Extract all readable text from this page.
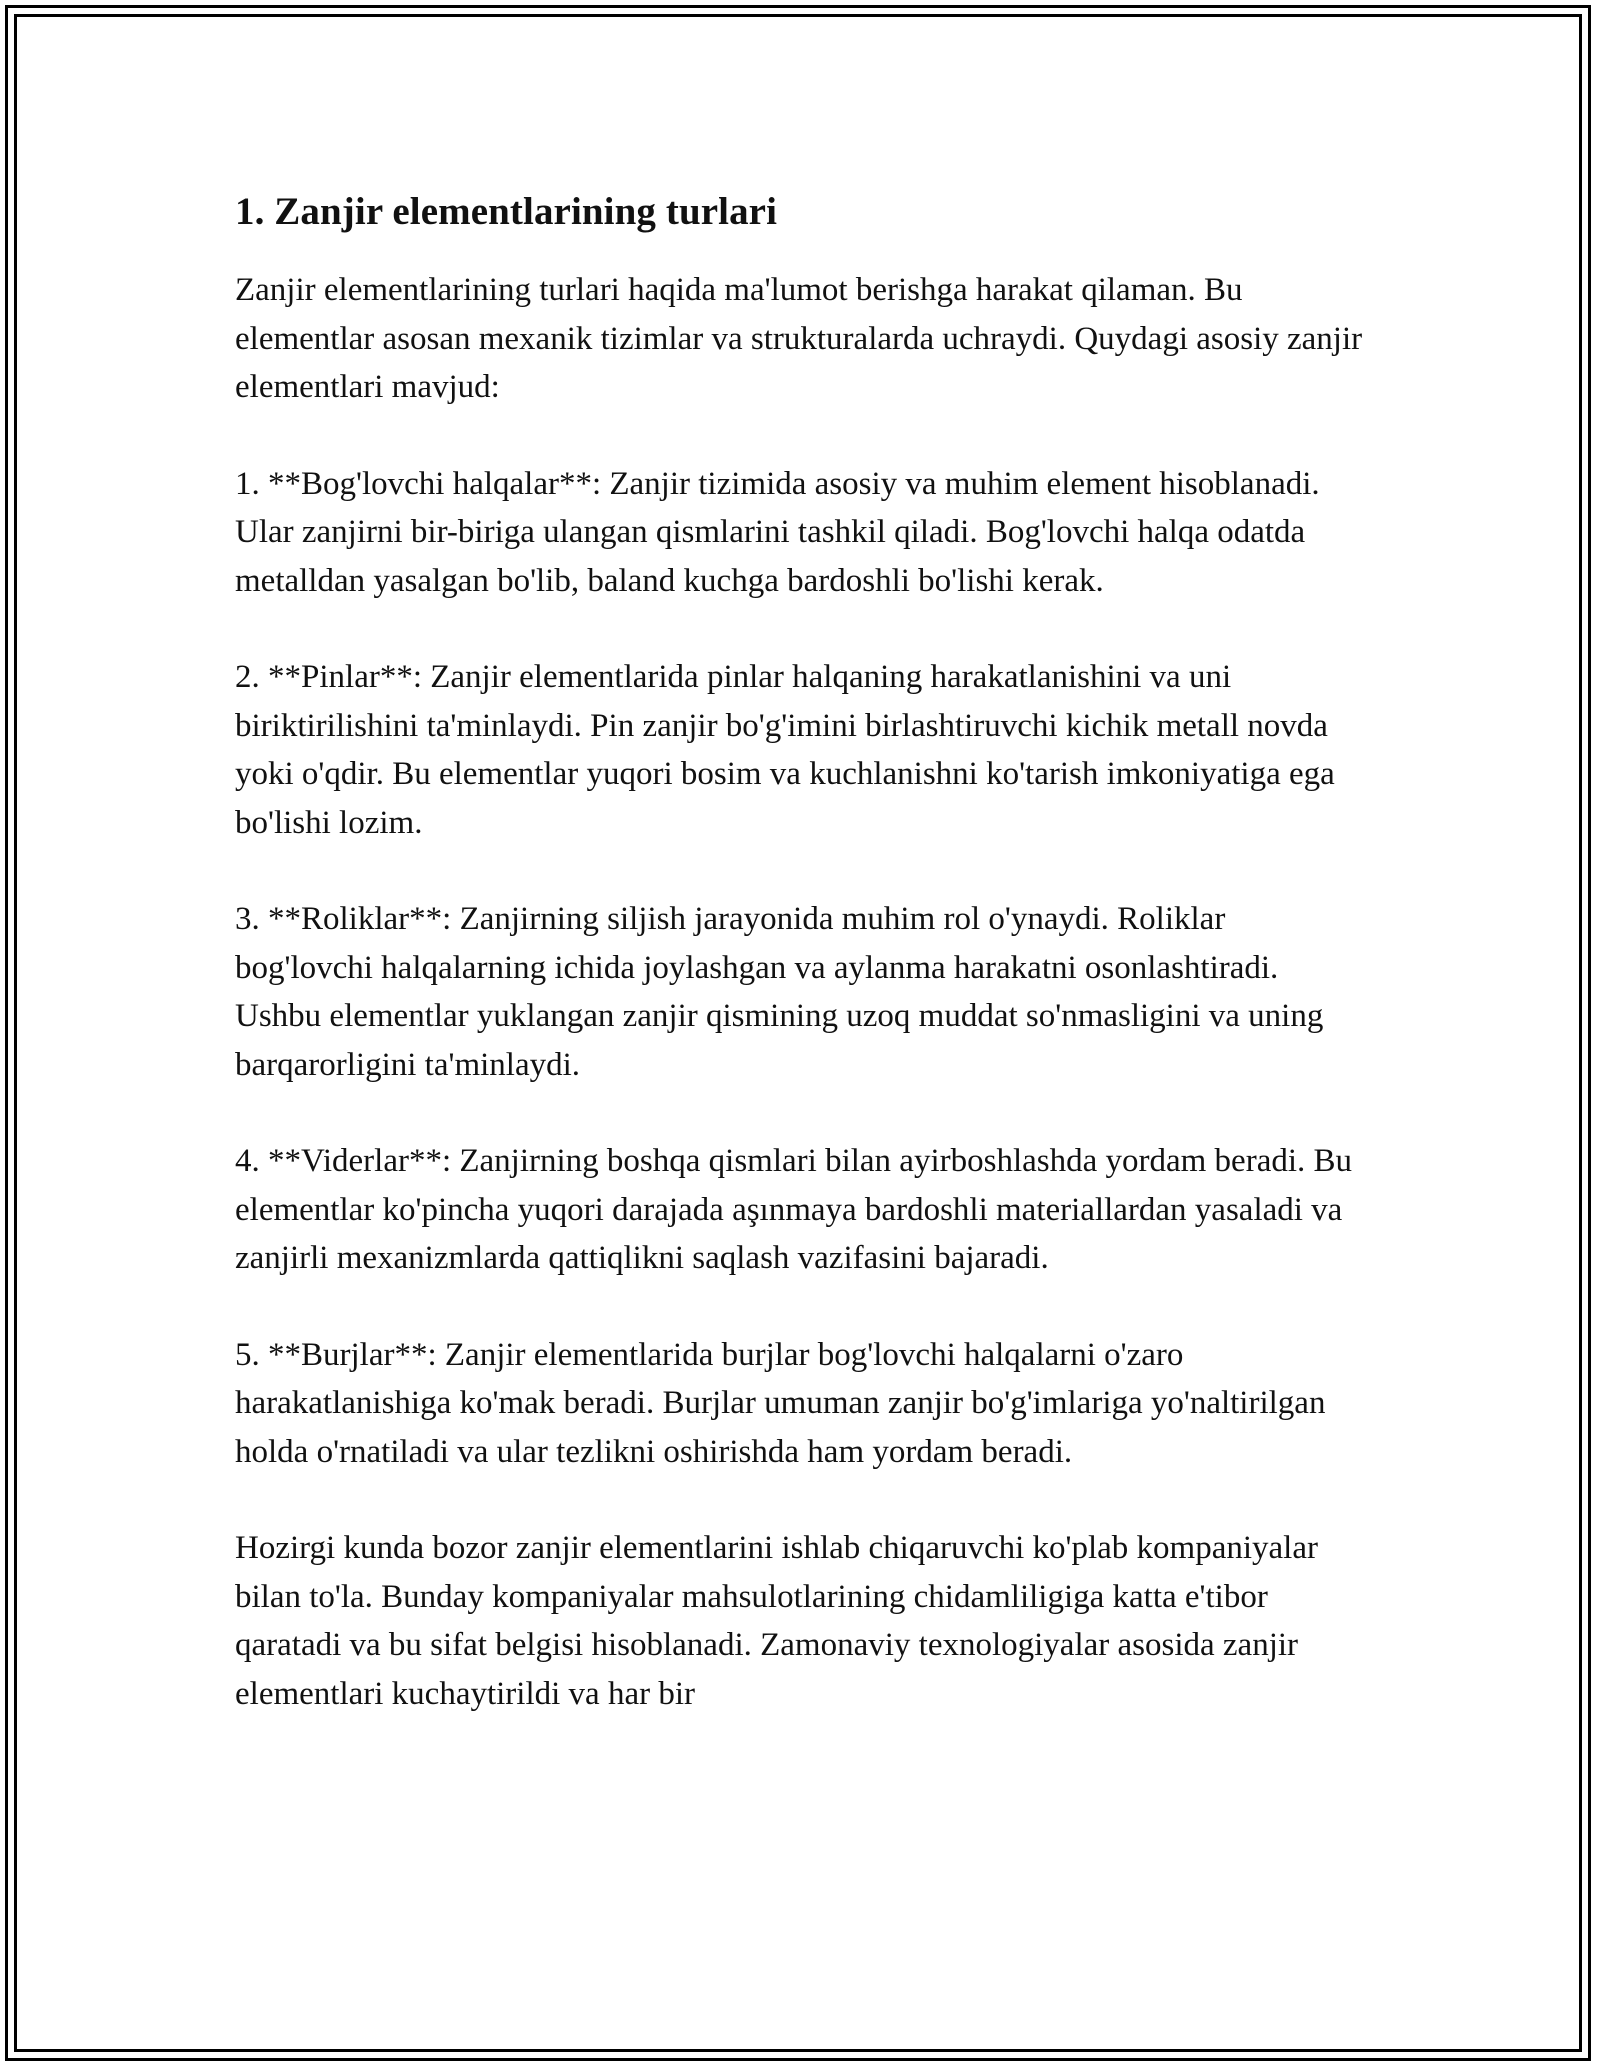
1. Zanjir elementlarining turlari

Zanjir elementlarining turlari haqida ma'lumot berishga harakat qilaman. Bu elementlar asosan mexanik tizimlar va strukturalarda uchraydi. Quydagi asosiy zanjir elementlari mavjud:

1. **Bog'lovchi halqalar**: Zanjir tizimida asosiy va muhim element hisoblanadi. Ular zanjirni bir-biriga ulangan qismlarini tashkil qiladi. Bog'lovchi halqa odatda metalldan yasalgan bo'lib, baland kuchga bardoshli bo'lishi kerak.

2. **Pinlar**: Zanjir elementlarida pinlar halqaning harakatlanishini va uni biriktirilishini ta'minlaydi. Pin zanjir bo'g'imini birlashtiruvchi kichik metall novda yoki o'qdir. Bu elementlar yuqori bosim va kuchlanishni ko'tarish imkoniyatiga ega bo'lishi lozim.

3. **Roliklar**: Zanjirning siljish jarayonida muhim rol o'ynaydi. Roliklar bog'lovchi halqalarning ichida joylashgan va aylanma harakatni osonlashtiradi. Ushbu elementlar yuklangan zanjir qismining uzoq muddat so'nmasligini va uning barqarorligini ta'minlaydi.

4. **Viderlar**: Zanjirning boshqa qismlari bilan ayirboshlashda yordam beradi. Bu elementlar ko'pincha yuqori darajada aşınmaya bardoshli materiallardan yasaladi va zanjirli mexanizmlarda qattiqlikni saqlash vazifasini bajaradi.

5. **Burjlar**: Zanjir elementlarida burjlar bog'lovchi halqalarni o'zaro harakatlanishiga ko'mak beradi. Burjlar umuman zanjir bo'g'imlariga yo'naltirilgan holda o'rnatiladi va ular tezlikni oshirishda ham yordam beradi.

Hozirgi kunda bozor zanjir elementlarini ishlab chiqaruvchi ko'plab kompaniyalar bilan to'la. Bunday kompaniyalar mahsulotlarining chidamliligiga katta e'tibor qaratadi va bu sifat belgisi hisoblanadi. Zamonaviy texnologiyalar asosida zanjir elementlari kuchaytirildi va har bir
